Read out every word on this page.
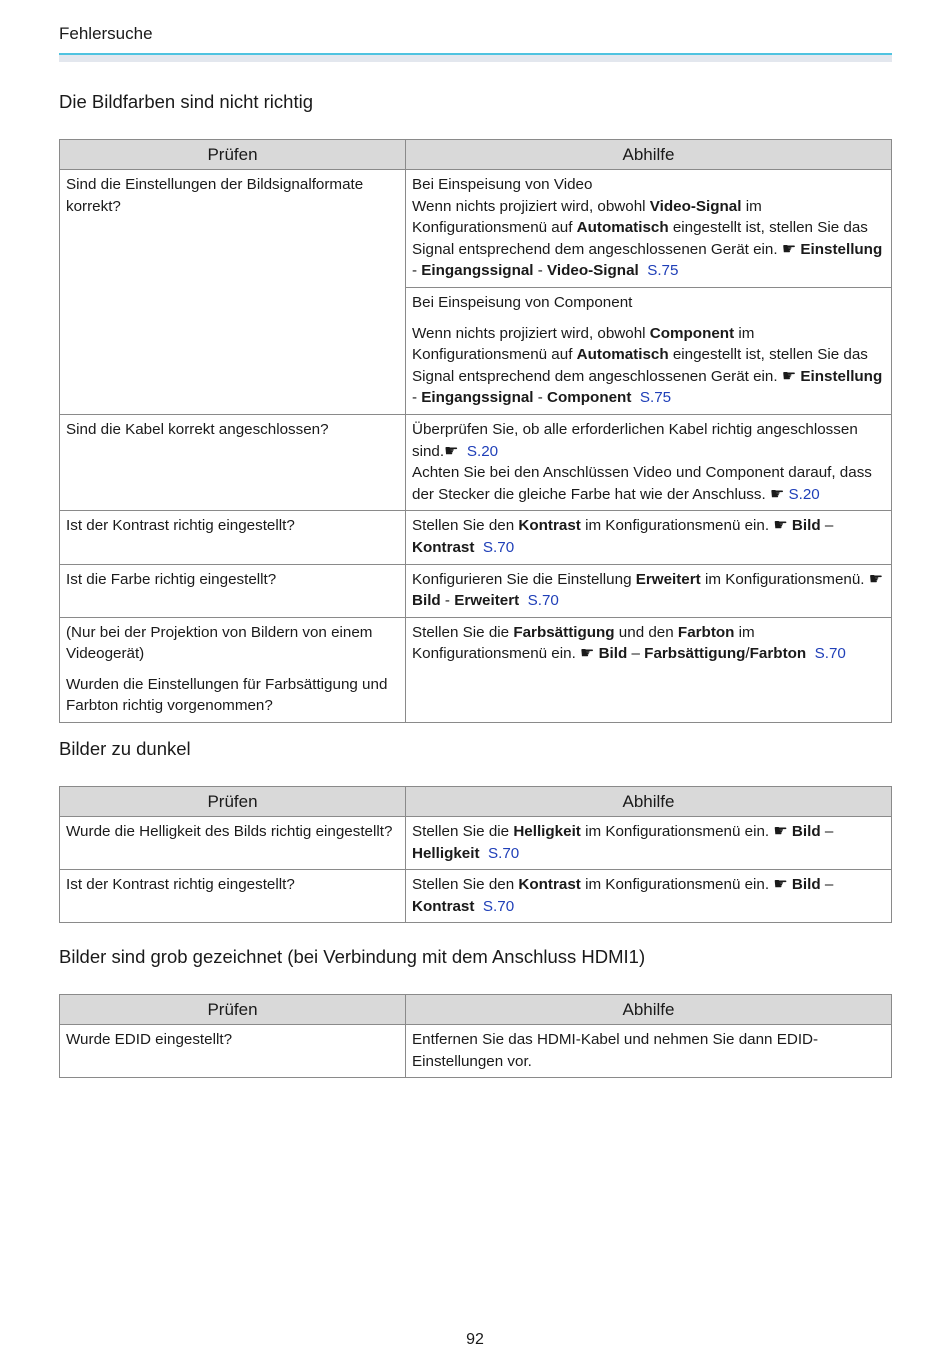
Fehlersuche
Die Bildfarben sind nicht richtig
Prüfen	Abhilfe
Sind die Einstellungen der Bildsignalformate korrekt?	Bei Einspeisung von Video
Wenn nichts projiziert wird, obwohl Video-Signal im Konfigurationsmenü auf Automatisch eingestellt ist, stellen Sie das Signal entsprechend dem angeschlossenen Gerät ein. ☛ Einstellung - Eingangssignal - Video-Signal S.75
	Bei Einspeisung von Component
Wenn nichts projiziert wird, obwohl Component im Konfigurationsmenü auf Automatisch eingestellt ist, stellen Sie das Signal entsprechend dem angeschlossenen Gerät ein. ☛ Einstellung - Eingangssignal - Component S.75
Sind die Kabel korrekt angeschlossen?	Überprüfen Sie, ob alle erforderlichen Kabel richtig angeschlossen sind.☛ S.20
Achten Sie bei den Anschlüssen Video und Component darauf, dass der Stecker die gleiche Farbe hat wie der Anschluss. ☛ S.20
Ist der Kontrast richtig eingestellt?	Stellen Sie den Kontrast im Konfigurationsmenü ein. ☛ Bild – Kontrast S.70
Ist die Farbe richtig eingestellt?	Konfigurieren Sie die Einstellung Erweitert im Konfigurationsmenü. ☛ Bild - Erweitert S.70
(Nur bei der Projektion von Bildern von einem Videogerät)
Wurden die Einstellungen für Farbsättigung und Farbton richtig vorgenommen?	Stellen Sie die Farbsättigung und den Farbton im Konfigurationsmenü ein. ☛ Bild – Farbsättigung/Farbton S.70
Bilder zu dunkel
Prüfen	Abhilfe
Wurde die Helligkeit des Bilds richtig eingestellt?	Stellen Sie die Helligkeit im Konfigurationsmenü ein. ☛ Bild – Helligkeit S.70
Ist der Kontrast richtig eingestellt?	Stellen Sie den Kontrast im Konfigurationsmenü ein. ☛ Bild – Kontrast S.70
Bilder sind grob gezeichnet (bei Verbindung mit dem Anschluss HDMI1)
Prüfen	Abhilfe
Wurde EDID eingestellt?	Entfernen Sie das HDMI-Kabel und nehmen Sie dann EDID-Einstellungen vor.
92
